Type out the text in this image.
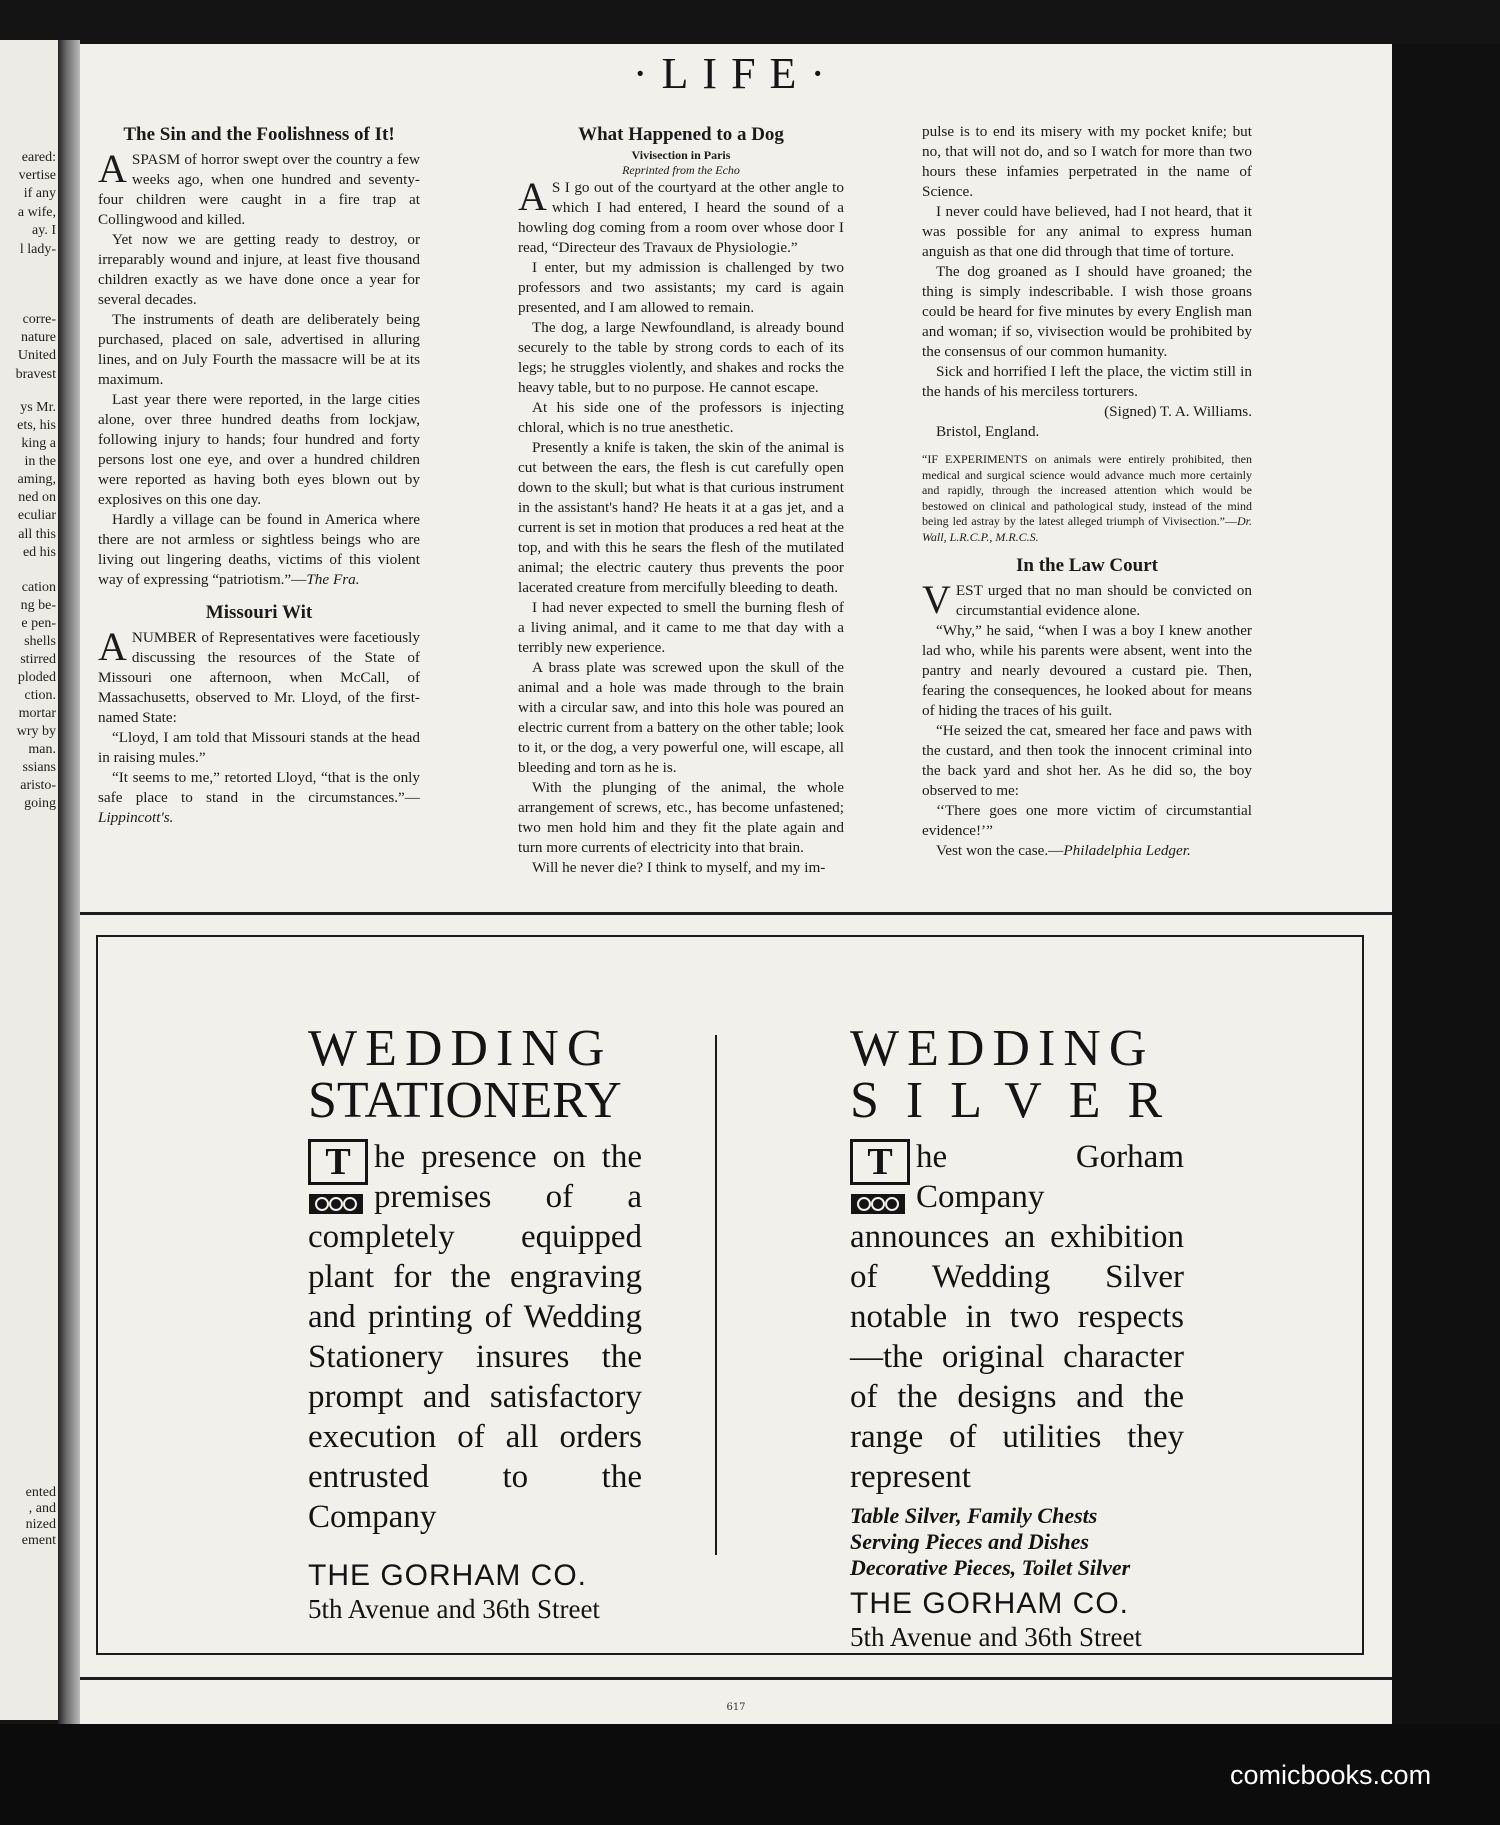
eared:
vertise
if any
a wife,
ay. I
l lady-
corre-
nature
United
bravest
ys Mr.
ets, his
king a
in the
aming,
ned on
eculiar
all this
ed his
cation
ng be-
e pen-
shells
stirred
ploded
ction.
mortar
wry by
man.
ssians
aristo-
going
ented
, and
nized
ement
·LIFE·
The Sin and the Foolishness of It!

A SPASM of horror swept over the country a few weeks ago, when one hundred and seventy-four children were caught in a fire trap at Collingwood and killed.

Yet now we are getting ready to destroy, or irreparably wound and injure, at least five thousand children exactly as we have done once a year for several decades.

The instruments of death are deliberately being purchased, placed on sale, advertised in alluring lines, and on July Fourth the massacre will be at its maximum.

Last year there were reported, in the large cities alone, over three hundred deaths from lockjaw, following injury to hands; four hundred and forty persons lost one eye, and over a hundred children were reported as having both eyes blown out by explosives on this one day.

Hardly a village can be found in America where there are not armless or sightless beings who are living out lingering deaths, victims of this violent way of expressing “patriotism.”—The Fra.

Missouri Wit

A NUMBER of Representatives were facetiously discussing the resources of the State of Missouri one afternoon, when McCall, of Massachusetts, observed to Mr. Lloyd, of the first-named State:

“Lloyd, I am told that Missouri stands at the head in raising mules.”

“It seems to me,” retorted Lloyd, “that is the only safe place to stand in the circumstances.”—Lippincott's.

What Happened to a Dog
Vivisection in Paris
Reprinted from the Echo

A S I go out of the courtyard at the other angle to which I had entered, I heard the sound of a howling dog coming from a room over whose door I read, “Directeur des Travaux de Physiologie.”

I enter, but my admission is challenged by two professors and two assistants; my card is again presented, and I am allowed to remain.

The dog, a large Newfoundland, is already bound securely to the table by strong cords to each of its legs; he struggles violently, and shakes and rocks the heavy table, but to no purpose. He cannot escape.

At his side one of the professors is injecting chloral, which is no true anesthetic.

Presently a knife is taken, the skin of the animal is cut between the ears, the flesh is cut carefully open down to the skull; but what is that curious instrument in the assistant's hand? He heats it at a gas jet, and a current is set in motion that produces a red heat at the top, and with this he sears the flesh of the mutilated animal; the electric cautery thus prevents the poor lacerated creature from mercifully bleeding to death.

I had never expected to smell the burning flesh of a living animal, and it came to me that day with a terribly new experience.

A brass plate was screwed upon the skull of the animal and a hole was made through to the brain with a circular saw, and into this hole was poured an electric current from a battery on the other table; look to it, or the dog, a very powerful one, will escape, all bleeding and torn as he is.

With the plunging of the animal, the whole arrangement of screws, etc., has become unfastened; two men hold him and they fit the plate again and turn more currents of electricity into that brain.

Will he never die? I think to myself, and my im-

pulse is to end its misery with my pocket knife; but no, that will not do, and so I watch for more than two hours these infamies perpetrated in the name of Science.

I never could have believed, had I not heard, that it was possible for any animal to express human anguish as that one did through that time of torture.

The dog groaned as I should have groaned; the thing is simply indescribable. I wish those groans could be heard for five minutes by every English man and woman; if so, vivisection would be prohibited by the consensus of our common humanity.

Sick and horrified I left the place, the victim still in the hands of his merciless torturers.

(Signed) T. A. Williams.

Bristol, England.

“IF EXPERIMENTS on animals were entirely prohibited, then medical and surgical science would advance much more certainly and rapidly, through the increased attention which would be bestowed on clinical and pathological study, instead of the mind being led astray by the latest alleged triumph of Vivisection.”—Dr. Wall, L.R.C.P., M.R.C.S.
In the Law Court

VEST urged that no man should be convicted on circumstantial evidence alone.

“Why,” he said, “when I was a boy I knew another lad who, while his parents were absent, went into the pantry and nearly devoured a custard pie. Then, fearing the consequences, he looked about for means of hiding the traces of his guilt.

“He seized the cat, smeared her face and paws with the custard, and then took the innocent criminal into the back yard and shot her. As he did so, the boy observed to me:

‘‘There goes one more victim of circumstantial evidence!’”

Vest won the case.—Philadelphia Ledger.

WEDDING
STATIONERY
T he presence on the premises of a completely equipped plant for the engraving and printing of Wedding Stationery insures the prompt and satisfactory execution of all orders entrusted to the Company
THE GORHAM CO.
5th Avenue and 36th Street
WEDDING
SILVER
T he Gorham Company announces an exhibition of Wedding Silver notable in two respects—the original character of the designs and the range of utilities they represent
Table Silver, Family Chests
Serving Pieces and Dishes
Decorative Pieces, Toilet Silver
THE GORHAM CO.
5th Avenue and 36th Street
617
comicbooks.com
